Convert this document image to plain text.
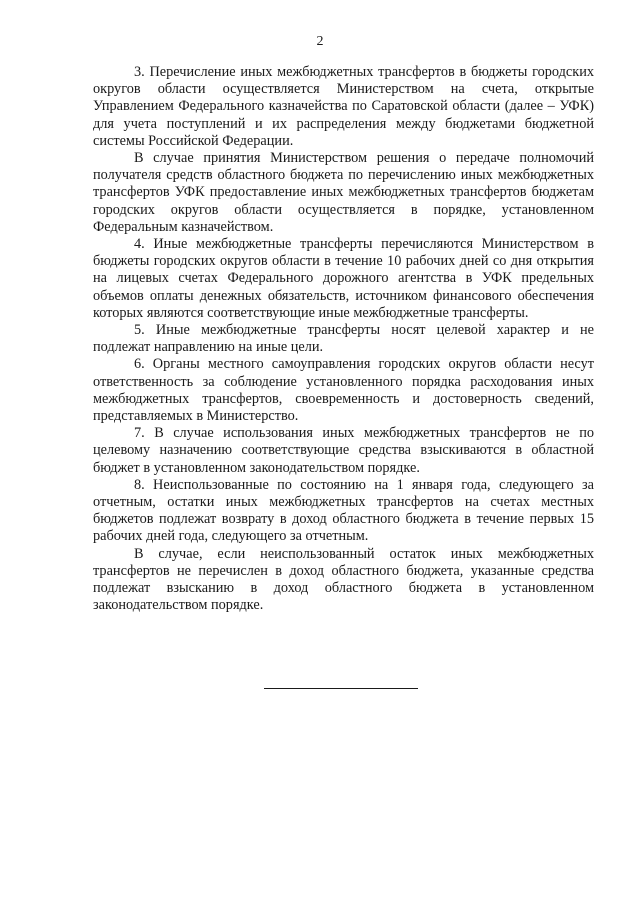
2

3. Перечисление иных межбюджетных трансфертов в бюджеты городских округов области осуществляется Министерством на счета, открытые Управлением Федерального казначейства по Саратовской области (далее – УФК) для учета поступлений и их распределения между бюджетами бюджетной системы Российской Федерации.

В случае принятия Министерством решения о передаче полномочий получателя средств областного бюджета по перечислению иных межбюджетных трансфертов УФК предоставление иных межбюджетных трансфертов бюджетам городских округов области осуществляется в порядке, установленном Федеральным казначейством.

4. Иные межбюджетные трансферты перечисляются Министерством в бюджеты городских округов области в течение 10 рабочих дней со дня открытия на лицевых счетах Федерального дорожного агентства в УФК предельных объемов оплаты денежных обязательств, источником финансового обеспечения которых являются соответствующие иные межбюджетные трансферты.

5. Иные межбюджетные трансферты носят целевой характер и не подлежат направлению на иные цели.

6. Органы местного самоуправления городских округов области несут ответственность за соблюдение установленного порядка расходования иных межбюджетных трансфертов, своевременность и достоверность сведений, представляемых в Министерство.

7. В случае использования иных межбюджетных трансфертов не по целевому назначению соответствующие средства взыскиваются в областной бюджет в установленном законодательством порядке.

8. Неиспользованные по состоянию на 1 января года, следующего за отчетным, остатки иных межбюджетных трансфертов на счетах местных бюджетов подлежат возврату в доход областного бюджета в течение первых 15 рабочих дней года, следующего за отчетным.

В случае, если неиспользованный остаток иных межбюджетных трансфертов не перечислен в доход областного бюджета, указанные средства подлежат взысканию в доход областного бюджета в установленном законодательством порядке.
